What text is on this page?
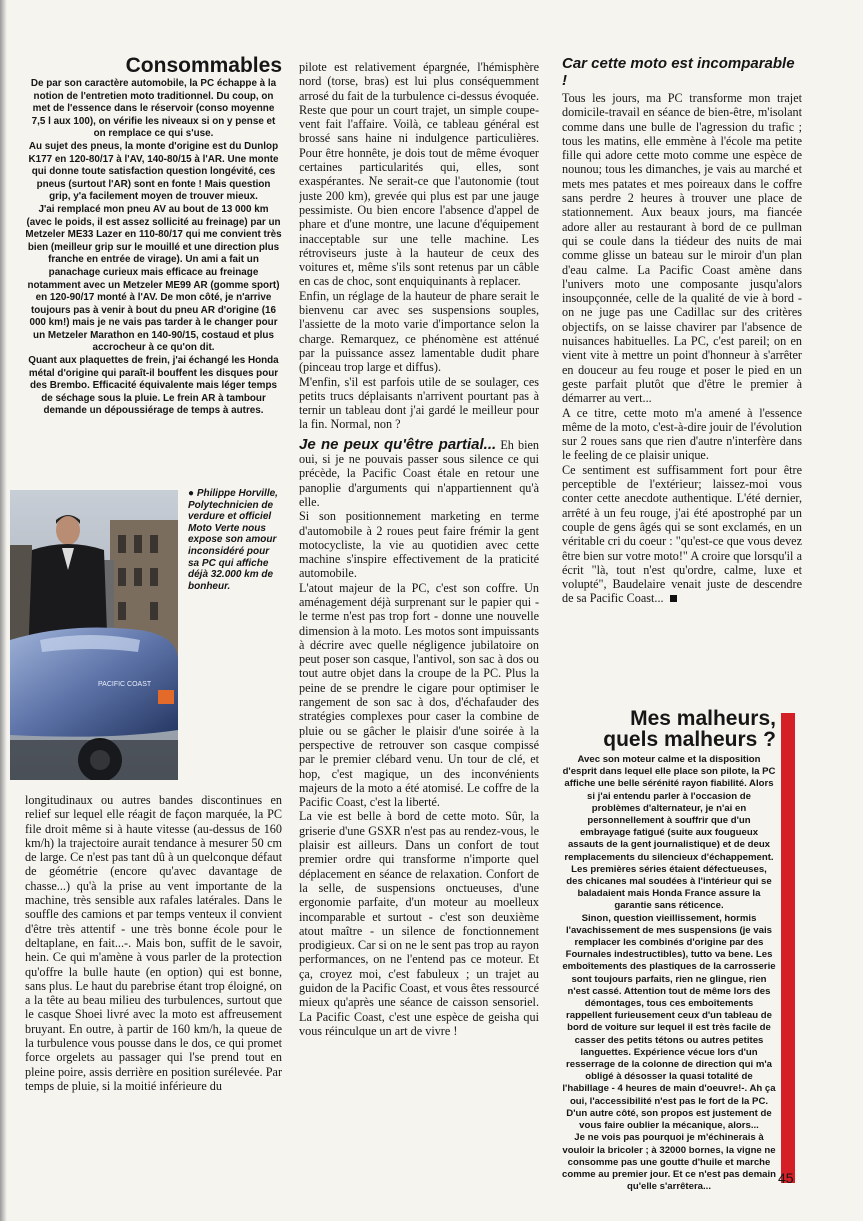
Consommables

De par son caractère automobile, la PC échappe à la notion de l'entretien moto traditionnel. Du coup, on met de l'essence dans le réservoir (conso moyenne 7,5 l aux 100), on vérifie les niveaux si on y pense et on remplace ce qui s'use.

Au sujet des pneus, la monte d'origine est du Dunlop K177 en 120-80/17 à l'AV, 140-80/15 à l'AR. Une monte qui donne toute satisfaction question longévité, ces pneus (surtout l'AR) sont en fonte ! Mais question grip, y'a facilement moyen de trouver mieux.

J'ai remplacé mon pneu AV au bout de 13 000 km (avec le poids, il est assez sollicité au freinage) par un Metzeler ME33 Lazer en 110-80/17 qui me convient très bien (meilleur grip sur le mouillé et une direction plus franche en entrée de virage). Un ami a fait un panachage curieux mais efficace au freinage notamment avec un Metzeler ME99 AR (gomme sport) en 120-90/17 monté à l'AV. De mon côté, je n'arrive toujours pas à venir à bout du pneu AR d'origine (16 000 km!) mais je ne vais pas tarder à le changer pour un Metzeler Marathon en 140-90/15, costaud et plus accrocheur à ce qu'on dit.

Quant aux plaquettes de frein, j'ai échangé les Honda métal d'origine qui paraît-il bouffent les disques pour des Brembo. Efficacité équivalente mais léger temps de séchage sous la pluie. Le frein AR à tambour demande un dépoussiérage de temps à autres.

PACIFIC COAST

● Philippe Horville, Polytechnicien de verdure et officiel Moto Verte nous expose son amour inconsidéré pour sa PC qui affiche déjà 32.000 km de bonheur.

longitudinaux ou autres bandes discontinues en relief sur lequel elle réagit de façon marquée, la PC file droit même si à haute vitesse (au-dessus de 160 km/h) la trajectoire aurait tendance à mesurer 50 cm de large. Ce n'est pas tant dû à un quelconque défaut de géométrie (encore qu'avec davantage de chasse...) qu'à la prise au vent importante de la machine, très sensible aux rafales latérales. Dans le souffle des camions et par temps venteux il convient d'être très attentif - une très bonne école pour le deltaplane, en fait...-. Mais bon, suffit de le savoir, hein. Ce qui m'amène à vous parler de la protection qu'offre la bulle haute (en option) qui est bonne, sans plus. Le haut du parebrise étant trop éloigné, on a la tête au beau milieu des turbulences, surtout que le casque Shoei livré avec la moto est affreusement bruyant. En outre, à partir de 160 km/h, la queue de la turbulence vous pousse dans le dos, ce qui promet force orgelets au passager qui l'se prend tout en pleine poire, assis derrière en position surélevée. Par temps de pluie, si la moitié inférieure du

pilote est relativement épargnée, l'hémisphère nord (torse, bras) est lui plus conséquemment arrosé du fait de la turbulence ci-dessus évoquée. Reste que pour un court trajet, un simple coupe-vent fait l'affaire. Voilà, ce tableau général est brossé sans haine ni indulgence particulières. Pour être honnête, je dois tout de même évoquer certaines particularités qui, elles, sont exaspérantes. Ne serait-ce que l'autonomie (tout juste 200 km), grevée qui plus est par une jauge pessimiste. Ou bien encore l'absence d'appel de phare et d'une montre, une lacune d'équipement inacceptable sur une telle machine. Les rétroviseurs juste à la hauteur de ceux des voitures et, même s'ils sont retenus par un câble en cas de choc, sont enquiquinants à replacer.

Enfin, un réglage de la hauteur de phare serait le bienvenu car avec ses suspensions souples, l'assiette de la moto varie d'importance selon la charge. Remarquez, ce phénomène est atténué par la puissance assez lamentable dudit phare (pinceau trop large et diffus).

M'enfin, s'il est parfois utile de se soulager, ces petits trucs déplaisants n'arrivent pourtant pas à ternir un tableau dont j'ai gardé le meilleur pour la fin. Normal, non ?

Je ne peux qu'être partial... Eh bien oui, si je ne pouvais passer sous silence ce qui précède, la Pacific Coast étale en retour une panoplie d'arguments qui n'appartiennent qu'à elle.

Si son positionnement marketing en terme d'automobile à 2 roues peut faire frémir la gent motocycliste, la vie au quotidien avec cette machine s'inspire effectivement de la praticité automobile.

L'atout majeur de la PC, c'est son coffre. Un aménagement déjà surprenant sur le papier qui - le terme n'est pas trop fort - donne une nouvelle dimension à la moto. Les motos sont impuissants à décrire avec quelle négligence jubilatoire on peut poser son casque, l'antivol, son sac à dos ou tout autre objet dans la croupe de la PC. Plus la peine de se prendre le cigare pour optimiser le rangement de son sac à dos, d'échafauder des stratégies complexes pour caser la combine de pluie ou se gâcher le plaisir d'une soirée à la perspective de retrouver son casque compissé par le premier clébard venu. Un tour de clé, et hop, c'est magique, un des inconvénients majeurs de la moto a été atomisé. Le coffre de la Pacific Coast, c'est la liberté.

La vie est belle à bord de cette moto. Sûr, la griserie d'une GSXR n'est pas au rendez-vous, le plaisir est ailleurs. Dans un confort de tout premier ordre qui transforme n'importe quel déplacement en séance de relaxation. Confort de la selle, de suspensions onctueuses, d'une ergonomie parfaite, d'un moteur au moelleux incomparable et surtout - c'est son deuxième atout maître - un silence de fonctionnement prodigieux. Car si on ne le sent pas trop au rayon performances, on ne l'entend pas ce moteur. Et ça, croyez moi, c'est fabuleux ; un trajet au guidon de la Pacific Coast, et vous êtes ressourcé mieux qu'après une séance de caisson sensoriel. La Pacific Coast, c'est une espèce de geisha qui vous réinculque un art de vivre !

Car cette moto est incomparable !

Tous les jours, ma PC transforme mon trajet domicile-travail en séance de bien-être, m'isolant comme dans une bulle de l'agression du trafic ; tous les matins, elle emmène à l'école ma petite fille qui adore cette moto comme une espèce de nounou; tous les dimanches, je vais au marché et mets mes patates et mes poireaux dans le coffre sans perdre 2 heures à trouver une place de stationnement. Aux beaux jours, ma fiancée adore aller au restaurant à bord de ce pullman qui se coule dans la tiédeur des nuits de mai comme glisse un bateau sur le miroir d'un plan d'eau calme. La Pacific Coast amène dans l'univers moto une composante jusqu'alors insoupçonnée, celle de la qualité de vie à bord - on ne juge pas une Cadillac sur des critères objectifs, on se laisse chavirer par l'absence de nuisances habituelles. La PC, c'est pareil; on en vient vite à mettre un point d'honneur à s'arrêter en douceur au feu rouge et poser le pied en un geste parfait plutôt que d'être le premier à démarrer au vert...

A ce titre, cette moto m'a amené à l'essence même de la moto, c'est-à-dire jouir de l'évolution sur 2 roues sans que rien d'autre n'interfère dans le feeling de ce plaisir unique.

Ce sentiment est suffisamment fort pour être perceptible de l'extérieur; laissez-moi vous conter cette anecdote authentique. L'été dernier, arrêté à un feu rouge, j'ai été apostrophé par un couple de gens âgés qui se sont exclamés, en un véritable cri du coeur : "qu'est-ce que vous devez être bien sur votre moto!" A croire que lorsqu'il a écrit "là, tout n'est qu'ordre, calme, luxe et volupté", Baudelaire venait juste de descendre de sa Pacific Coast...

Mes malheurs,
quels malheurs ?

Avec son moteur calme et la disposition d'esprit dans lequel elle place son pilote, la PC affiche une belle sérénité rayon fiabilité. Alors si j'ai entendu parler à l'occasion de problèmes d'alternateur, je n'ai en personnellement à souffrir que d'un embrayage fatigué (suite aux fougueux assauts de la gent journalistique) et de deux remplacements du silencieux d'échappement. Les premières séries étaient défectueuses, des chicanes mal soudées à l'intérieur qui se baladaient mais Honda France assure la garantie sans réticence.

Sinon, question vieillissement, hormis l'avachissement de mes suspensions (je vais remplacer les combinés d'origine par des Fournales indestructibles), tutto va bene. Les emboîtements des plastiques de la carrosserie sont toujours parfaits, rien ne glingue, rien n'est cassé. Attention tout de même lors des démontages, tous ces emboîtements rappellent furieusement ceux d'un tableau de bord de voiture sur lequel il est très facile de casser des petits tétons ou autres petites languettes. Expérience vécue lors d'un resserrage de la colonne de direction qui m'a obligé à désosser la quasi totalité de l'habillage - 4 heures de main d'oeuvre!-. Ah ça oui, l'accessibilité n'est pas le fort de la PC. D'un autre côté, son propos est justement de vous faire oublier la mécanique, alors...

Je ne vois pas pourquoi je m'échinerais à vouloir la bricoler ; à 32000 bornes, la vigne ne consomme pas une goutte d'huile et marche comme au premier jour. Et ce n'est pas demain qu'elle s'arrêtera...

45
